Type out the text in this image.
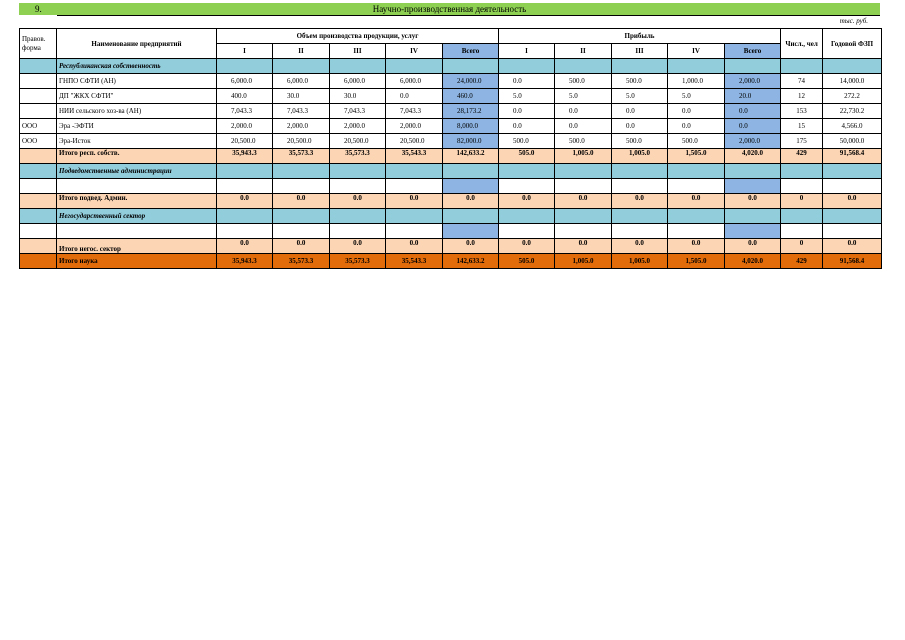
9.	Научно-производственная деятельность
тыс. руб.
Правов. форма	Наименование предприятий	Объем производства продукции, услуг					Прибыль					Числ., чел	Годовой ФЗП
		I	II	III	IV	Всего	I	II	III	IV	Всего		
	Республиканская собственность												
	ГНПО СФТИ (АН)	6,000.0	6,000.0	6,000.0	6,000.0	24,000.0	0.0	500.0	500.0	1,000.0	2,000.0	74	14,000.0
	ДП "ЖКХ СФТИ"	400.0	30.0	30.0	0.0	460.0	5.0	5.0	5.0	5.0	20.0	12	272.2
	НИИ сельского хоз-ва (АН)	7,043.3	7,043.3	7,043.3	7,043.3	28,173.2	0.0	0.0	0.0	0.0	0.0	153	22,730.2
ООО	Эра -ЭФТИ	2,000.0	2,000.0	2,000.0	2,000.0	8,000.0	0.0	0.0	0.0	0.0	0.0	15	4,566.0
ООО	Эра-Исток	20,500.0	20,500.0	20,500.0	20,500.0	82,000.0	500.0	500.0	500.0	500.0	2,000.0	175	50,000.0
	Итого респ. собств.	35,943.3	35,573.3	35,573.3	35,543.3	142,633.2	505.0	1,005.0	1,005.0	1,505.0	4,020.0	429	91,568.4
	Подведомственные администрации												

	Итого подвед. Админ.	0.0	0.0	0.0	0.0	0.0	0.0	0.0	0.0	0.0	0.0	0	0.0
	Негосударственный сектор												

	Итого негос. сектор	0.0	0.0	0.0	0.0	0.0	0.0	0.0	0.0	0.0	0.0	0	0.0
	Итого наука	35,943.3	35,573.3	35,573.3	35,543.3	142,633.2	505.0	1,005.0	1,005.0	1,505.0	4,020.0	429	91,568.4
